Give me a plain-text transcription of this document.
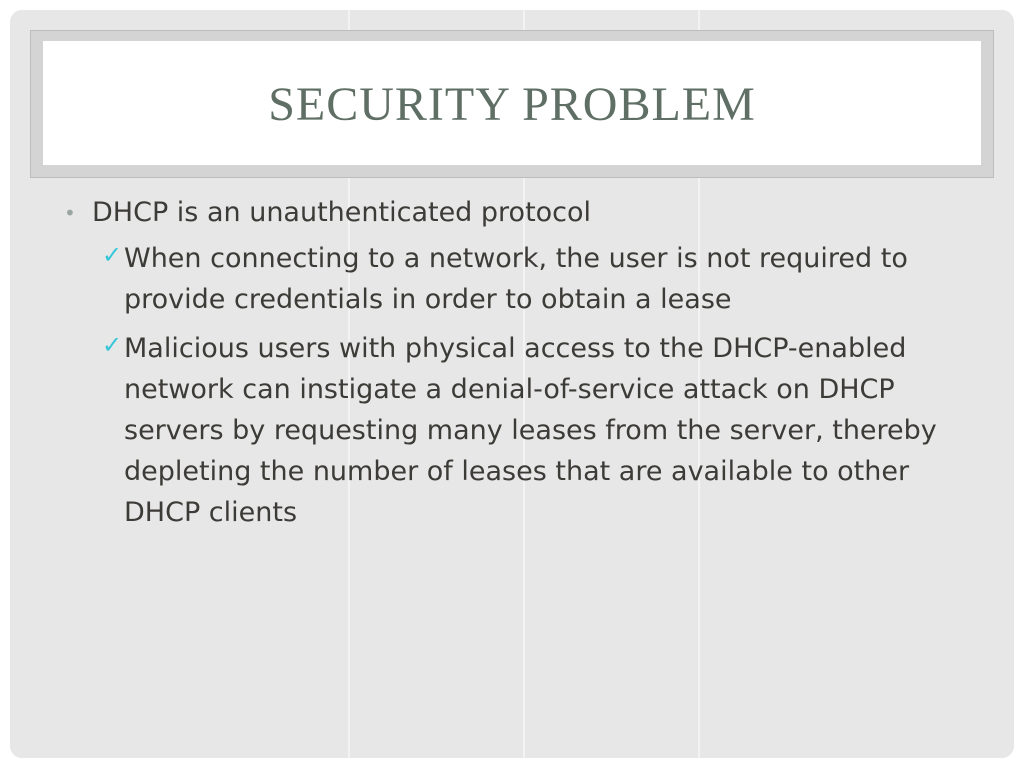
SECURITY PROBLEM
• DHCP is an unauthenticated protocol
✓ When connecting to a network, the user is not required to provide credentials in order to obtain a lease
✓ Malicious users with physical access to the DHCP-enabled network can instigate a denial-of-service attack on DHCP servers by requesting many leases from the server, thereby depleting the number of leases that are available to other DHCP clients
